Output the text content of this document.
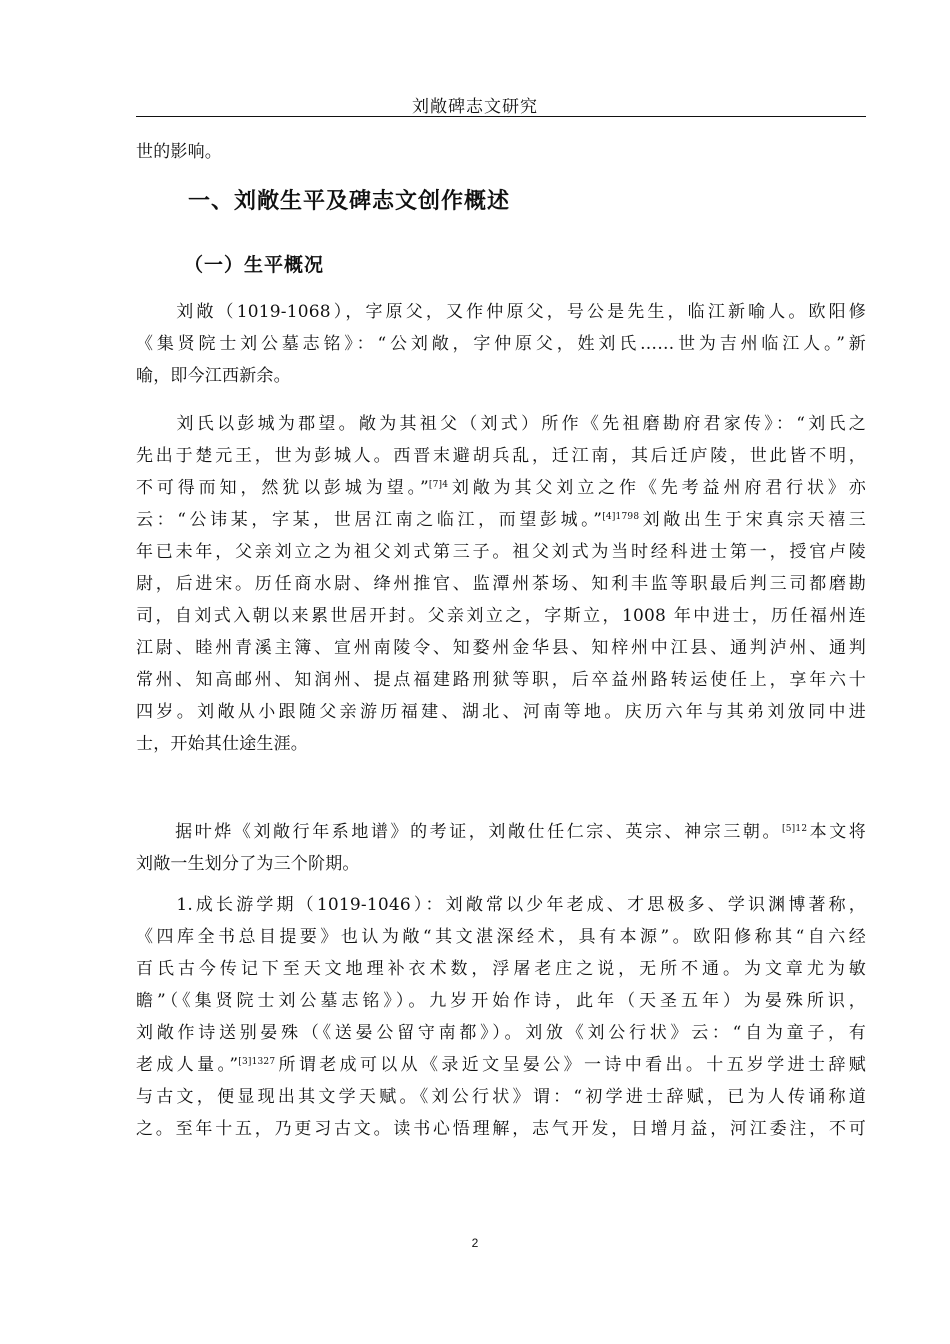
刘敞碑志文研究
世的影响。
一、刘敞生平及碑志文创作概述
（一）生平概况
　　刘敞（1019-1068），字原父，又作仲原父，号公是先生，临江新喻人。欧阳修
《集贤院士刘公墓志铭》：“公刘敞，字仲原父，姓刘氏……世为吉州临江人。”新
喻，即今江西新余。
　　刘氏以彭城为郡望。敞为其祖父（刘式）所作《先祖磨勘府君家传》：“刘氏之
先出于楚元王，世为彭城人。西晋末避胡兵乱，迁江南，其后迁庐陵，世此皆不明，
不可得而知，然犹以彭城为望。”$^{[7]4}$刘敞为其父刘立之作《先考益州府君行状》亦
云：“公讳某，字某，世居江南之临江，而望彭城。”$^{[4]1798}$刘敞出生于宋真宗天禧三
年已未年，父亲刘立之为祖父刘式第三子。祖父刘式为当时经科进士第一，授官卢陵
尉，后进宋。历任商水尉、绛州推官、监潭州茶场、知利丰监等职最后判三司都磨勘
司，自刘式入朝以来累世居开封。父亲刘立之，字斯立，1008 年中进士，历任福州连
江尉、睦州青溪主簿、宣州南陵令、知婺州金华县、知梓州中江县、通判泸州、通判
常州、知高邮州、知润州、提点福建路刑狱等职，后卒益州路转运使任上，享年六十
四岁。刘敞从小跟随父亲游历福建、湖北、河南等地。庆历六年与其弟刘攽同中进
士，开始其仕途生涯。
　　据叶烨《刘敞行年系地谱》的考证，刘敞仕任仁宗、英宗、神宗三朝。$^{[5]12}$本文将
刘敞一生划分了为三个阶期。
　　1.成长游学期（1019-1046）：刘敞常以少年老成、才思极多、学识渊博著称，
《四库全书总目提要》也认为敞“其文湛深经术，具有本源”。欧阳修称其“自六经
百氏古今传记下至天文地理补衣术数，浮屠老庄之说，无所不通。为文章尤为敏
瞻”（《集贤院士刘公墓志铭》）。九岁开始作诗，此年（天圣五年）为晏殊所识，
刘敞作诗送别晏殊（《送晏公留守南都》）。刘攽《刘公行状》云：“自为童子，有
老成人量。”$^{[3]1327}$所谓老成可以从《录近文呈晏公》一诗中看出。十五岁学进士辞赋
与古文，便显现出其文学天赋。《刘公行状》谓：“初学进士辞赋，已为人传诵称道
之。至年十五，乃更习古文。读书心悟理解，志气开发，日增月益，河江委注，不可
2
